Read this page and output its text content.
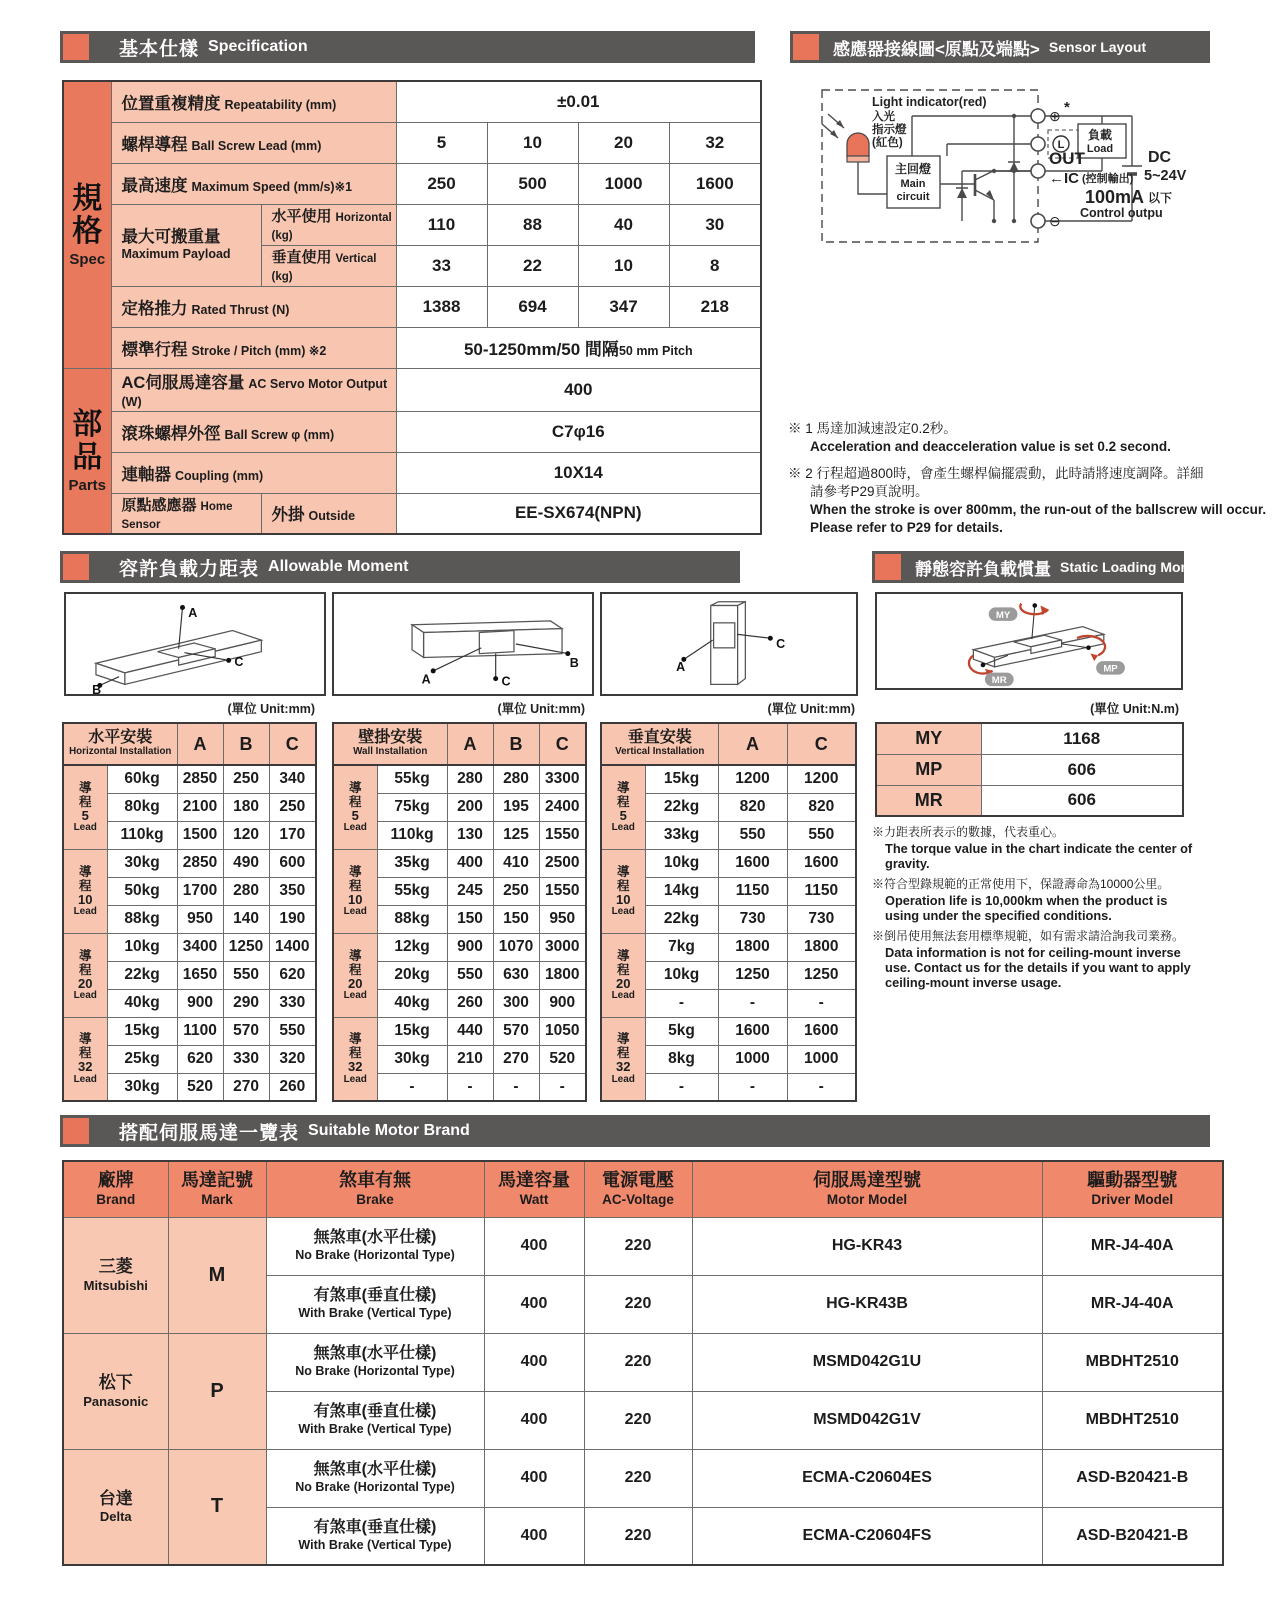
基本仕樣 Specification	感應器接線圖<原點及端點> Sensor Layout
規格
Spec	位置重複精度 Repeatability (mm)		±0.01			
	螺桿導程 Ball Screw Lead (mm)		5	10	20	32
	最高速度 Maximum Speed (mm/s)※1		250	500	1000	1600

	最大可搬重量
Maximum Payload	水平使用 Horizontal (kg)	110	88	40	30
		垂直使用 Vertical (kg)	33	22	10	8
	定格推力 Rated Thrust (N)		1388	694	347	218
	標準行程 Stroke / Pitch (mm) ※2		50-1250mm/50 間隔50 mm Pitch			

部品
Parts	AC伺服馬達容量 AC Servo Motor Output (W)		400			
	滾珠螺桿外徑 Ball Screw φ (mm)		C7φ16			
	連軸器 Coupling (mm)		10X14			
	原點感應器 Home Sensor	外掛 Outside	EE-SX674(NPN)			
Light indicator(red)
入光
指示燈
(紅色)
主回燈
Main
circuit
⊕ *
L
OUT
←IC (控制輸出)
100mA 以下
Control outpu
⊖
負載
Load DC
5~24V
※ 1 馬達加減速設定0.2秒。
Acceleration and deacceleration value is set 0.2 second.
※ 2 行程超過800時，會產生螺桿偏擺震動，此時請將速度調降。詳細
請參考P29頁說明。
When the stroke is over 800mm, the run-out of the ballscrew will occur.
Please refer to P29 for details.
容許負載力距表 Allowable Moment	靜態容許負載慣量 Static Loading Moment
A
B
C
A
B
C
A
C
MY
MP
MR
(單位 Unit:mm)	(單位 Unit:mm)	(單位 Unit:mm)	(單位 Unit:N.m)
水平安裝
Horizontal Installation		A	B	C

導程
5
Lead	60kg	2850	250	340
	80kg	2100	180	250
	110kg	1500	120	170

導程
10
Lead	30kg	2850	490	600
	50kg	1700	280	350
	88kg	950	140	190

導程
20
Lead	10kg	3400	1250	1400
	22kg	1650	550	620
	40kg	900	290	330

導程
32
Lead	15kg	1100	570	550
	25kg	620	330	320
	30kg	520	270	260
壁掛安裝
Wall Installation		A	B	C

導程
5
Lead	55kg	280	280	3300
	75kg	200	195	2400
	110kg	130	125	1550

導程
10
Lead	35kg	400	410	2500
	55kg	245	250	1550
	88kg	150	150	950

導程
20
Lead	12kg	900	1070	3000
	20kg	550	630	1800
	40kg	260	300	900

導程
32
Lead	15kg	440	570	1050
	30kg	210	270	520
	-	-	-	-
垂直安裝
Vertical Installation		A	C

導程
5
Lead	15kg	1200	1200
	22kg	820	820
	33kg	550	550

導程
10
Lead	10kg	1600	1600
	14kg	1150	1150
	22kg	730	730

導程
20
Lead	7kg	1800	1800
	10kg	1250	1250
	-	-	-

導程
32
Lead	5kg	1600	1600
	8kg	1000	1000
	-	-	-
MY	1168
MP	606
MR	606
※力距表所表示的數據，代表重心。
The torque value in the chart indicate the center of gravity.
※符合型錄規範的正常使用下，保證壽命為10000公里。
Operation life is 10,000km when the product is using under the specified conditions.
※倒吊使用無法套用標準規範，如有需求請洽詢我司業務。
Data information is not for ceiling-mount inverse use. Contact us for the details if you want to apply ceiling-mount inverse usage.
搭配伺服馬達一覽表 Suitable Motor Brand
廠牌
Brand	馬達記號
Mark	煞車有無
Brake	馬達容量
Watt	電源電壓
AC-Voltage	伺服馬達型號
Motor Model	驅動器型號
Driver Model

三菱
Mitsubishi	M	無煞車(水平仕樣)
No Brake (Horizontal Type)	400	220	HG-KR43	MR-J4-40A

		有煞車(垂直仕樣)
With Brake (Vertical Type)	400	220	HG-KR43B	MR-J4-40A

松下
Panasonic	P	無煞車(水平仕樣)
No Brake (Horizontal Type)	400	220	MSMD042G1U	MBDHT2510

		有煞車(垂直仕樣)
With Brake (Vertical Type)	400	220	MSMD042G1V	MBDHT2510

台達
Delta	T	無煞車(水平仕樣)
No Brake (Horizontal Type)	400	220	ECMA-C20604ES	ASD-B20421-B

		有煞車(垂直仕樣)
With Brake (Vertical Type)	400	220	ECMA-C20604FS	ASD-B20421-B
